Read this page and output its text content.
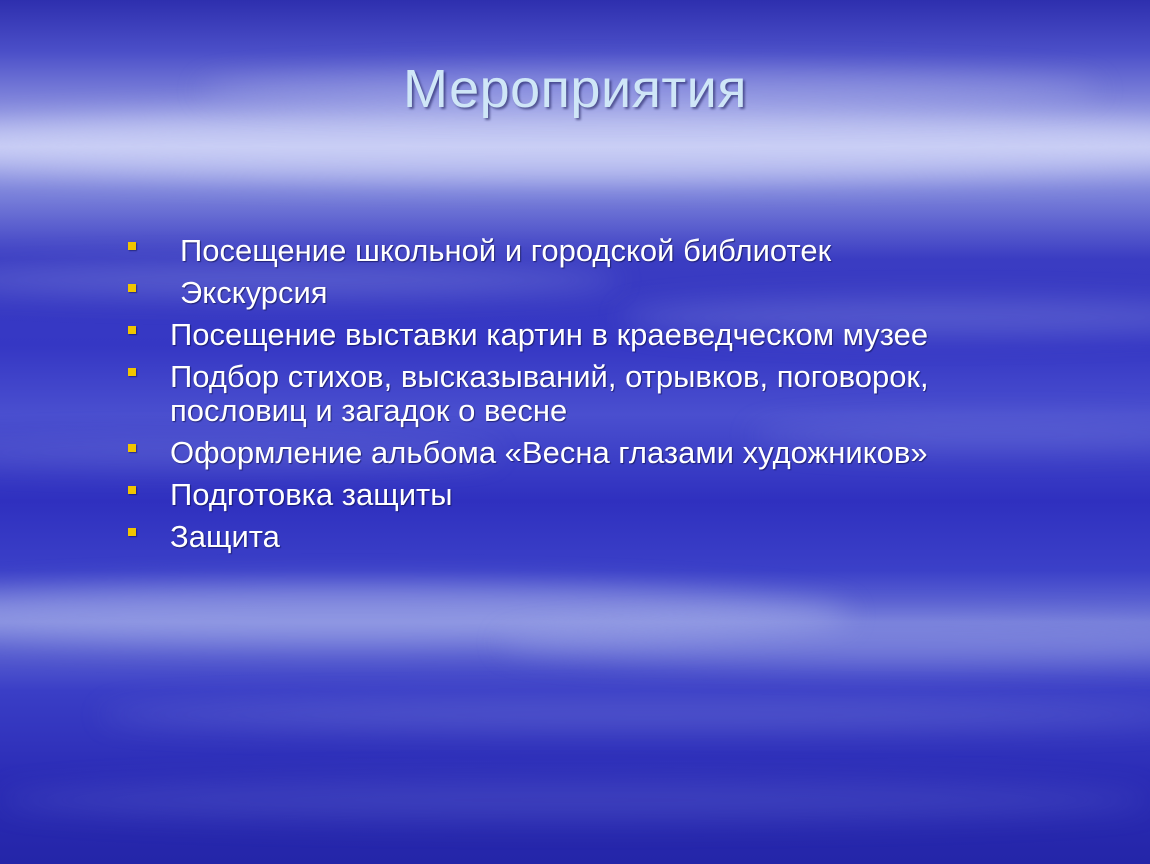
Мероприятия
Посещение школьной и городской библиотек
Экскурсия
Посещение выставки картин в краеведческом музее
Подбор стихов, высказываний, отрывков, поговорок, пословиц и загадок о весне
Оформление альбома «Весна глазами художников»
Подготовка защиты
Защита
